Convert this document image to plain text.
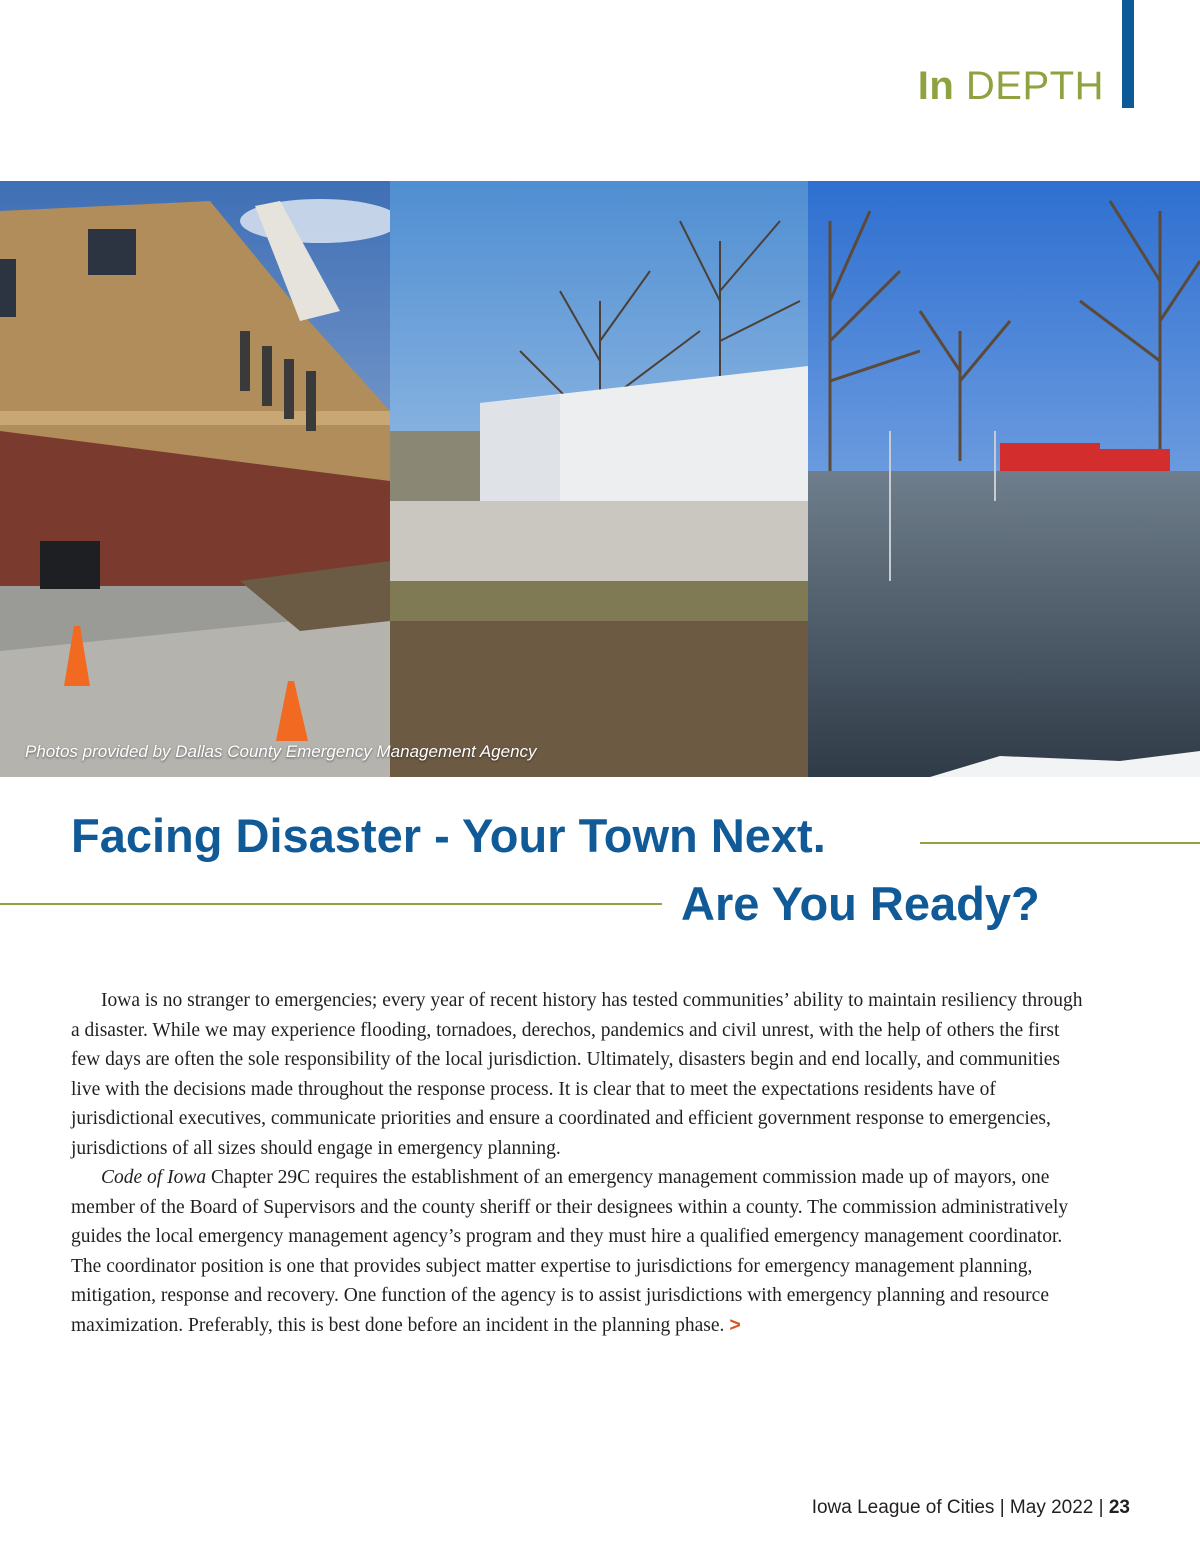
In DEPTH
Photos provided by Dallas County Emergency Management Agency
Facing Disaster - Your Town Next.
Are You Ready?

Iowa is no stranger to emergencies; every year of recent history has tested communities’ ability to maintain resiliency through a disaster. While we may experience flooding, tornadoes, derechos, pandemics and civil unrest, with the help of others the first few days are often the sole responsibility of the local jurisdiction. Ultimately, disasters begin and end locally, and communities live with the decisions made throughout the response process. It is clear that to meet the expectations residents have of jurisdictional executives, communicate priorities and ensure a coordinated and efficient government response to emergencies, jurisdictions of all sizes should engage in emergency planning.

Code of Iowa Chapter 29C requires the establishment of an emergency management commission made up of mayors, one member of the Board of Supervisors and the county sheriff or their designees within a county. The commission administratively guides the local emergency management agency’s program and they must hire a qualified emergency management coordinator. The coordinator position is one that provides subject matter expertise to jurisdictions for emergency management planning, mitigation, response and recovery. One function of the agency is to assist jurisdictions with emergency planning and resource maximization. Preferably, this is best done before an incident in the planning phase. >

Iowa League of Cities | May 2022 | 23
